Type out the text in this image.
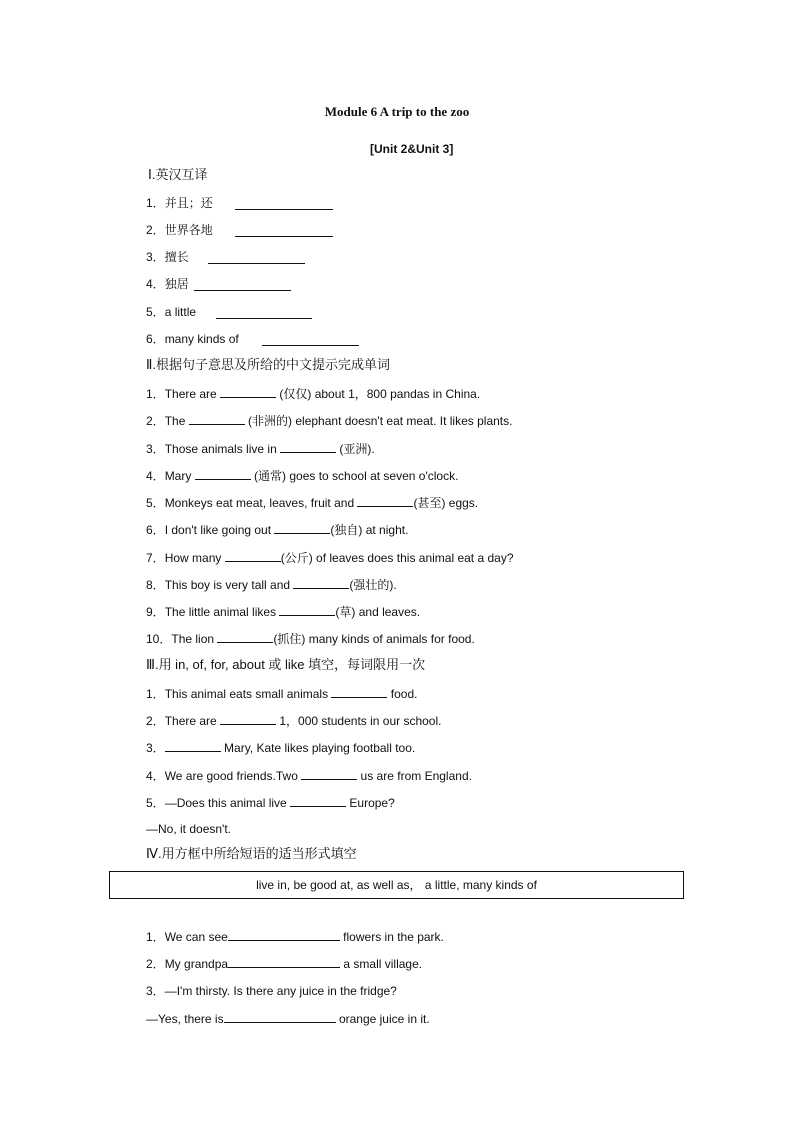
Module 6 A trip to the zoo
[Unit 2&Unit 3]
Ⅰ.英汉互译
1．并且；还
2．世界各地
3．擅长
4．独居
5．a little
6．many kinds of
Ⅱ.根据句子意思及所给的中文提示完成单词
1．There are	(仅仅) about 1，800 pandas in China.
2．The	(非洲的) elephant doesn't eat meat. It likes plants.
3．Those animals live in	(亚洲).
4．Mary	(通常) goes to school at seven o'clock.
5．Monkeys eat meat, leaves, fruit and	(甚至) eggs.
6．I don't like going out	(独自) at night.
7．How many	(公斤) of leaves does this animal eat a day?
8．This boy is very tall and	(强壮的).
9．The little animal likes	(草) and leaves.
10．The lion	(抓住) many kinds of animals for food.
Ⅲ.用 in, of, for, about 或 like 填空，每词限用一次
1．This animal eats small animals	food.
2．There are	1，000 students in our school.
3．	Mary, Kate likes playing football too.
4．We are good friends.Two	us are from England.
5．—Does this animal live	Europe?
—No, it doesn't.
Ⅳ.用方框中所给短语的适当形式填空
live in, be good at, as well as， a little, many kinds of
1．We can see	flowers in the park.
2．My grandpa	a small village.
3．—I'm thirsty. Is there any juice in the fridge?
—Yes, there is	orange juice in it.
